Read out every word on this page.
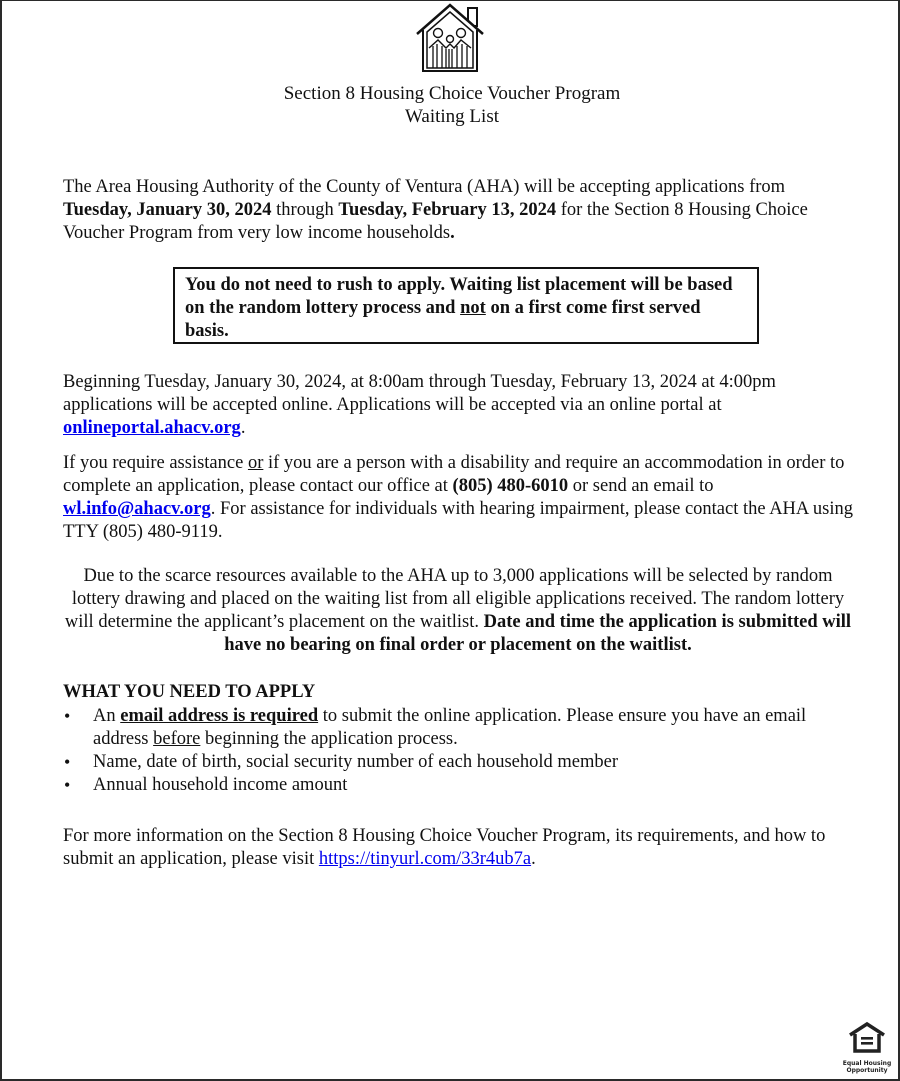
Section 8 Housing Choice Voucher Program
Waiting List

The Area Housing Authority of the County of Ventura (AHA) will be accepting applications from Tuesday, January 30, 2024 through Tuesday, February 13, 2024 for the Section 8 Housing Choice Voucher Program from very low income households.

You do not need to rush to apply. Waiting list placement will be based on the random lottery process and not on a first come first served basis.

Beginning Tuesday, January 30, 2024, at 8:00am through Tuesday, February 13, 2024 at 4:00pm applications will be accepted online. Applications will be accepted via an online portal at onlineportal.ahacv.org.

If you require assistance or if you are a person with a disability and require an accommodation in order to complete an application, please contact our office at (805) 480-6010 or send an email to wl.info@ahacv.org. For assistance for individuals with hearing impairment, please contact the AHA using TTY (805) 480-9119.

Due to the scarce resources available to the AHA up to 3,000 applications will be selected by random lottery drawing and placed on the waiting list from all eligible applications received. The random lottery will determine the applicant’s placement on the waitlist. Date and time the application is submitted will have no bearing on final order or placement on the waitlist.

WHAT YOU NEED TO APPLY
• An email address is required to submit the online application. Please ensure you have an email address before beginning the application process.
• Name, date of birth, social security number of each household member
• Annual household income amount

For more information on the Section 8 Housing Choice Voucher Program, its requirements, and how to submit an application, please visit https://tinyurl.com/33r4ub7a.

Equal Housing
Opportunity
